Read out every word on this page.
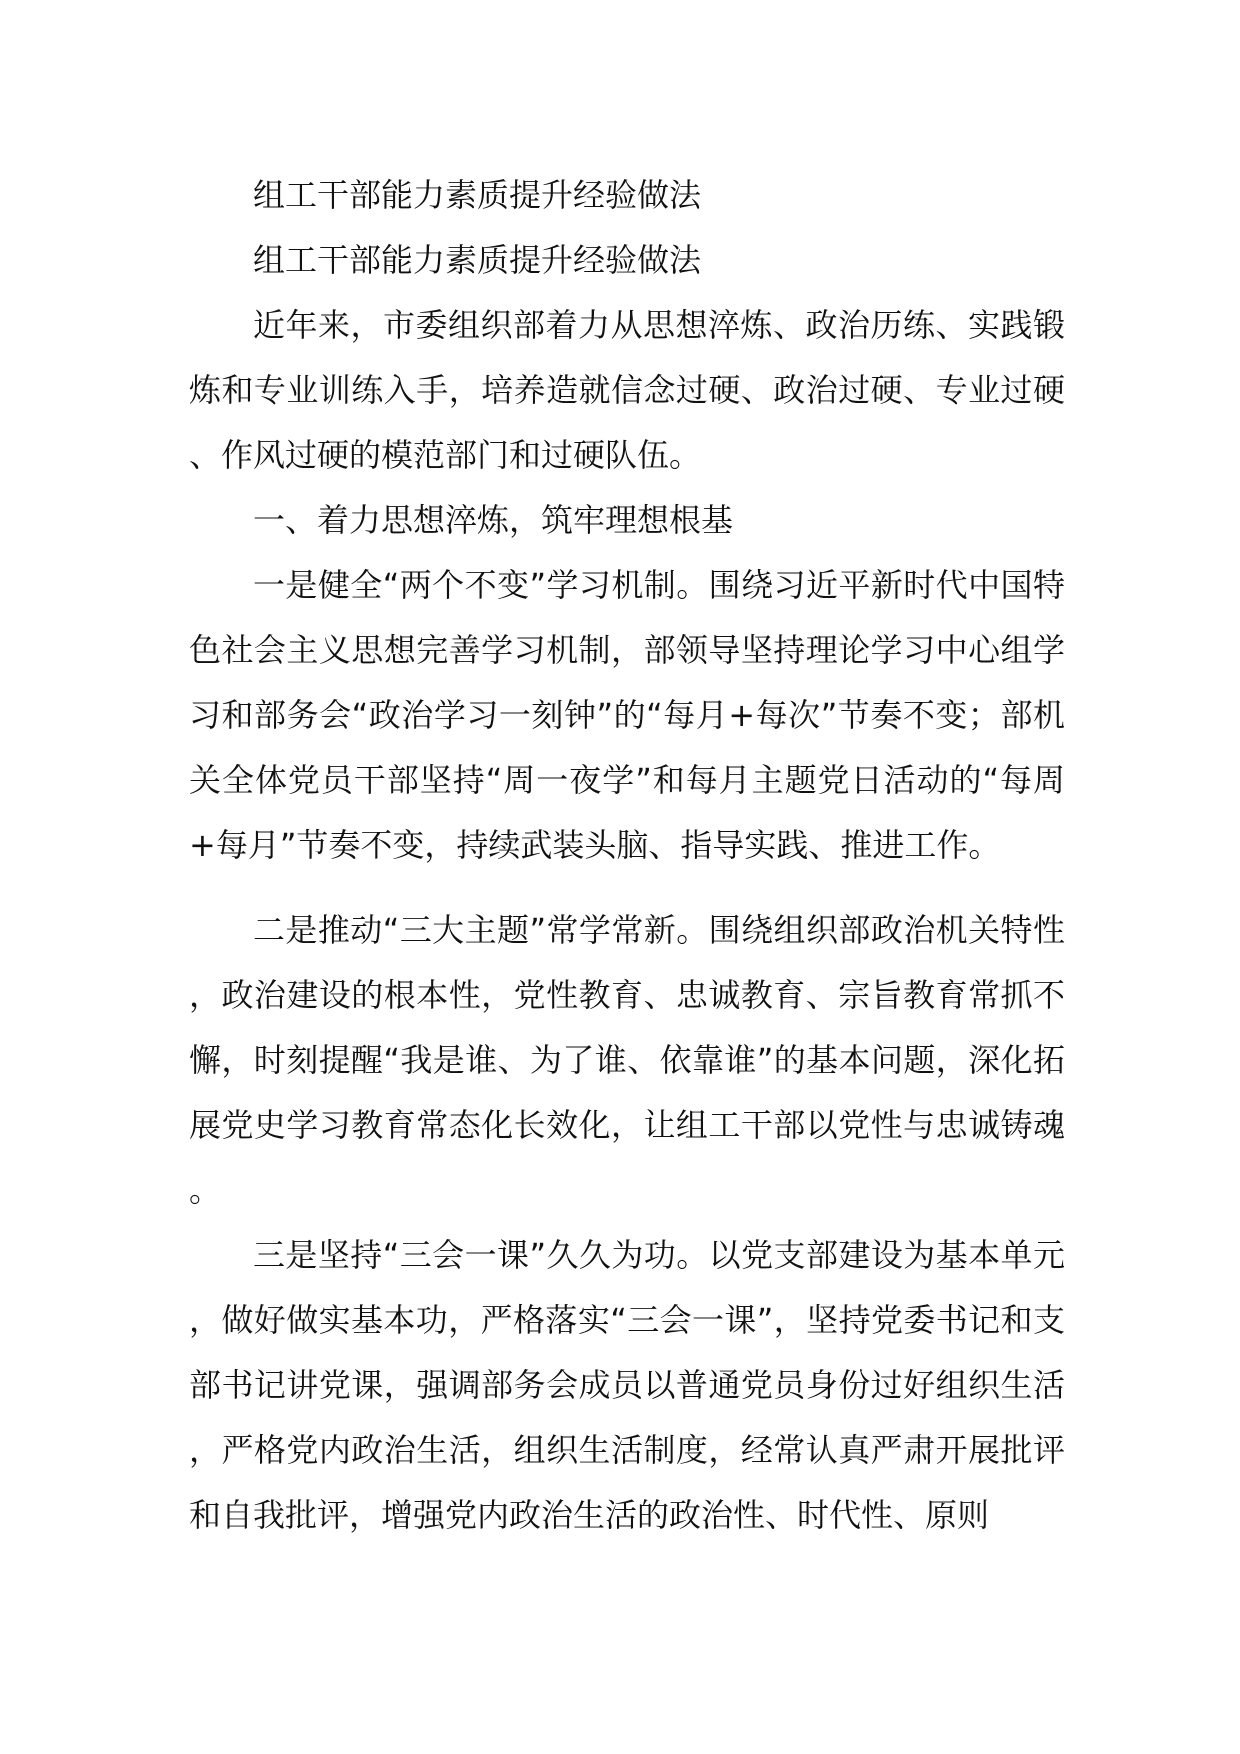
组工干部能力素质提升经验做法

组工干部能力素质提升经验做法

近年来，市委组织部着力从思想淬炼、政治历练、实践锻炼和专业训练入手，培养造就信念过硬、政治过硬、专业过硬、作风过硬的模范部门和过硬队伍。

一、着力思想淬炼，筑牢理想根基

一是健全“两个不变”学习机制。围绕习近平新时代中国特色社会主义思想完善学习机制，部领导坚持理论学习中心组学习和部务会“政治学习一刻钟”的“每月+每次”节奏不变；部机关全体党员干部坚持“周一夜学”和每月主题党日活动的“每周+每月”节奏不变，持续武装头脑、指导实践、推进工作。

二是推动“三大主题”常学常新。围绕组织部政治机关特性，政治建设的根本性，党性教育、忠诚教育、宗旨教育常抓不懈，时刻提醒“我是谁、为了谁、依靠谁”的基本问题，深化拓展党史学习教育常态化长效化，让组工干部以党性与忠诚铸魂。

三是坚持“三会一课”久久为功。以党支部建设为基本单元，做好做实基本功，严格落实“三会一课”，坚持党委书记和支部书记讲党课，强调部务会成员以普通党员身份过好组织生活，严格党内政治生活，组织生活制度，经常认真严肃开展批评和自我批评，增强党内政治生活的政治性、时代性、原则
